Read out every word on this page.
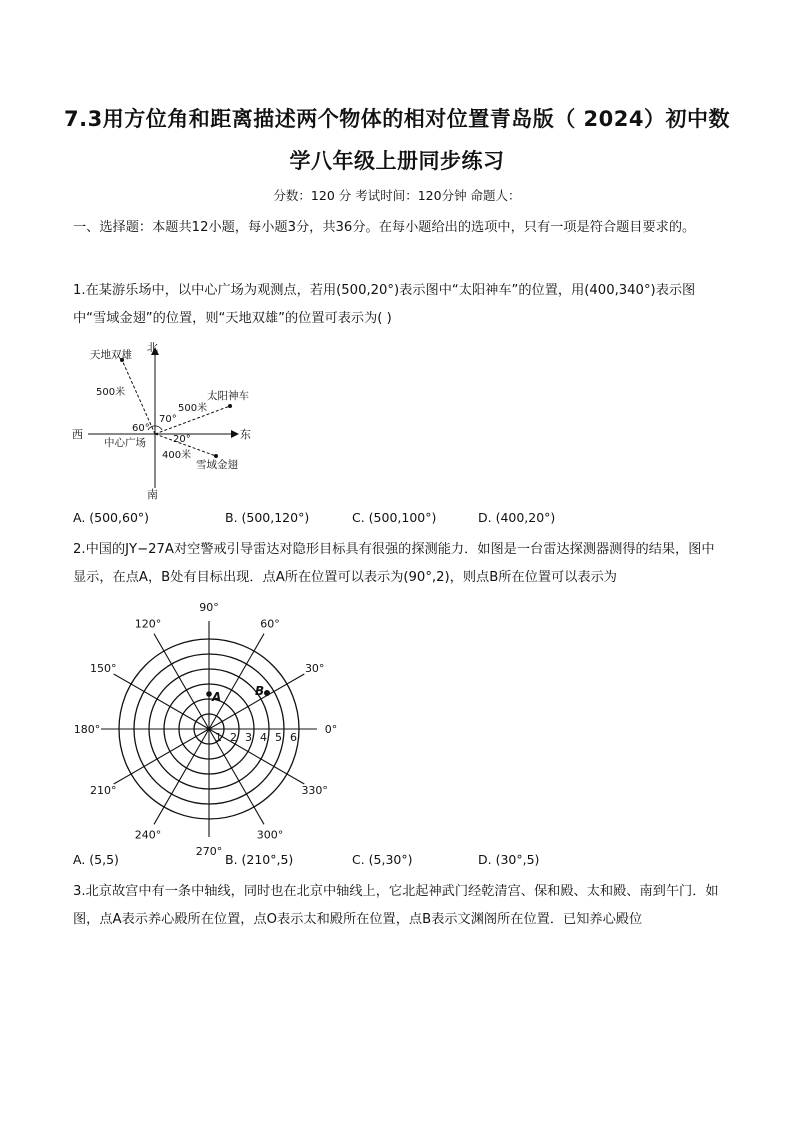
7.3用方位角和距离描述两个物体的相对位置青岛版（ 2024）初中数学八年级上册同步练习
分数：120 分 考试时间：120分钟 命题人：
一、选择题：本题共12小题，每小题3分，共36分。在每小题给出的选项中，只有一项是符合题目要求的。
1.在某游乐场中，以中心广场为观测点，若用(500,20°)表示图中“太阳神车”的位置，用(400,340°)表示图中“雪域金翅”的位置，则“天地双雄”的位置可表示为( )
北
南
东
西
中心广场
天地双雄
太阳神车
雪域金翅
500米
500米
400米
60°
70°
20°
A. (500,60°)	B. (500,120°)	C. (500,100°)	D. (400,20°)
2.中国的JY−27A对空警戒引导雷达对隐形目标具有很强的探测能力．如图是一台雷达探测器测得的结果，图中显示，在点A，B处有目标出现．点A所在位置可以表示为(90°,2)，则点B所在位置可以表示为
0°
30°
60°
90°
120°
150°
180°
210°
240°
270°
300°
330°
1 2 3 4 5 6
A	B
A. (5,5)	B. (210°,5)	C. (5,30°)	D. (30°,5)
3.北京故宫中有一条中轴线，同时也在北京中轴线上，它北起神武门经乾清宫、保和殿、太和殿、南到午门．如图，点A表示养心殿所在位置，点O表示太和殿所在位置，点B表示文渊阁所在位置．已知养心殿位
